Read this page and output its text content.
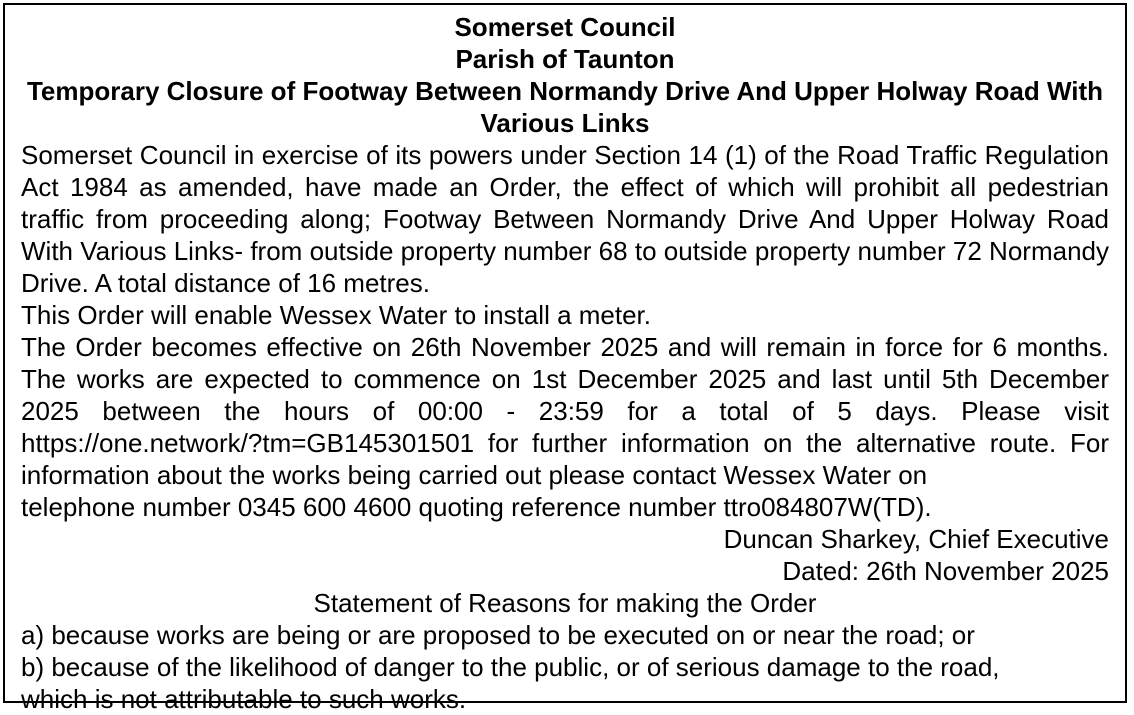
Somerset Council

Parish of Taunton

Temporary Closure of Footway Between Normandy Drive And Upper Holway Road With Various Links

Somerset Council in exercise of its powers under Section 14 (1) of the Road Traffic Regulation Act 1984 as amended, have made an Order, the effect of which will prohibit all pedestrian traffic from proceeding along; Footway Between Normandy Drive And Upper Holway Road With Various Links- from outside property number 68 to outside property number 72 Normandy Drive. A total distance of 16 metres.

This Order will enable Wessex Water to install a meter.

The Order becomes effective on 26th November 2025 and will remain in force for 6 months. The works are expected to commence on 1st December 2025 and last until 5th December 2025 between the hours of 00:00 - 23:59 for a total of 5 days. Please visit https://one.network/?tm=GB145301501 for further information on the alternative route. For information about the works being carried out please contact Wessex Water on

telephone number 0345 600 4600 quoting reference number ttro084807W(TD).

Duncan Sharkey, Chief Executive

Dated: 26th November 2025

Statement of Reasons for making the Order

a) because works are being or are proposed to be executed on or near the road; or

b) because of the likelihood of danger to the public, or of serious damage to the road,

which is not attributable to such works.
